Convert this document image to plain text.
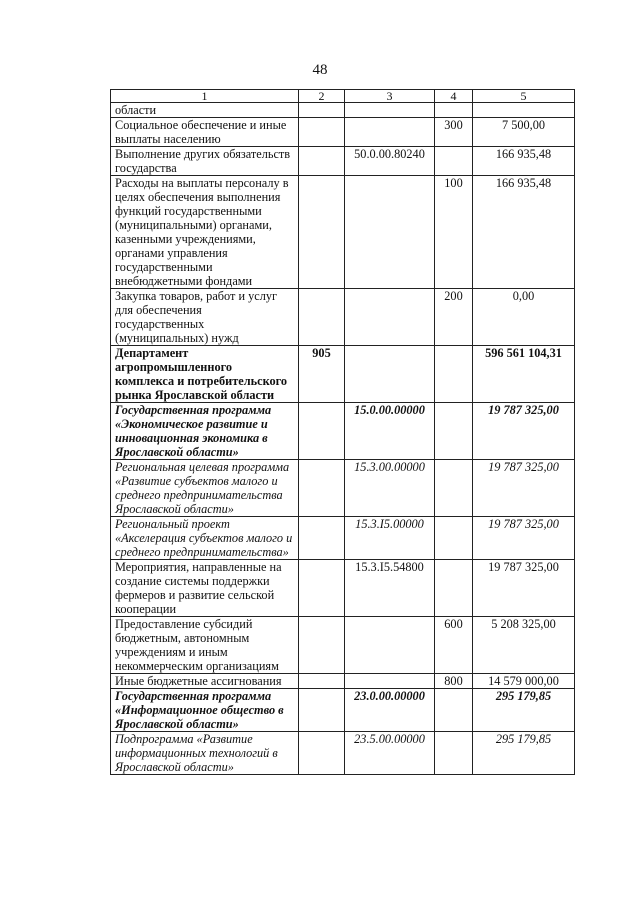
48
1	2	3	4	5
области				
Социальное обеспечение и иные выплаты населению			300	7 500,00
Выполнение других обязательств государства		50.0.00.80240		166 935,48
Расходы на выплаты персоналу в целях обеспечения выполнения функций государственными (муниципальными) органами, казенными учреждениями, органами управления государственными внебюджетными фондами			100	166 935,48
Закупка товаров, работ и услуг для обеспечения государственных (муниципальных) нужд			200	0,00
Департамент агропромышленного комплекса и потребительского рынка Ярославской области	905			596 561 104,31
Государственная программа «Экономическое развитие и инновационная экономика в Ярославской области»		15.0.00.00000		19 787 325,00
Региональная целевая программа «Развитие субъектов малого и среднего предпринимательства Ярославской области»		15.3.00.00000		19 787 325,00
Региональный проект «Акселерация субъектов малого и среднего предпринимательства»		15.3.I5.00000		19 787 325,00
Мероприятия, направленные на создание системы поддержки фермеров и развитие сельской кооперации		15.3.I5.54800		19 787 325,00
Предоставление субсидий бюджетным, автономным учреждениям и иным некоммерческим организациям			600	5 208 325,00
Иные бюджетные ассигнования			800	14 579 000,00
Государственная программа «Информационное общество в Ярославской области»		23.0.00.00000		295 179,85
Подпрограмма «Развитие информационных технологий в Ярославской области»		23.5.00.00000		295 179,85
